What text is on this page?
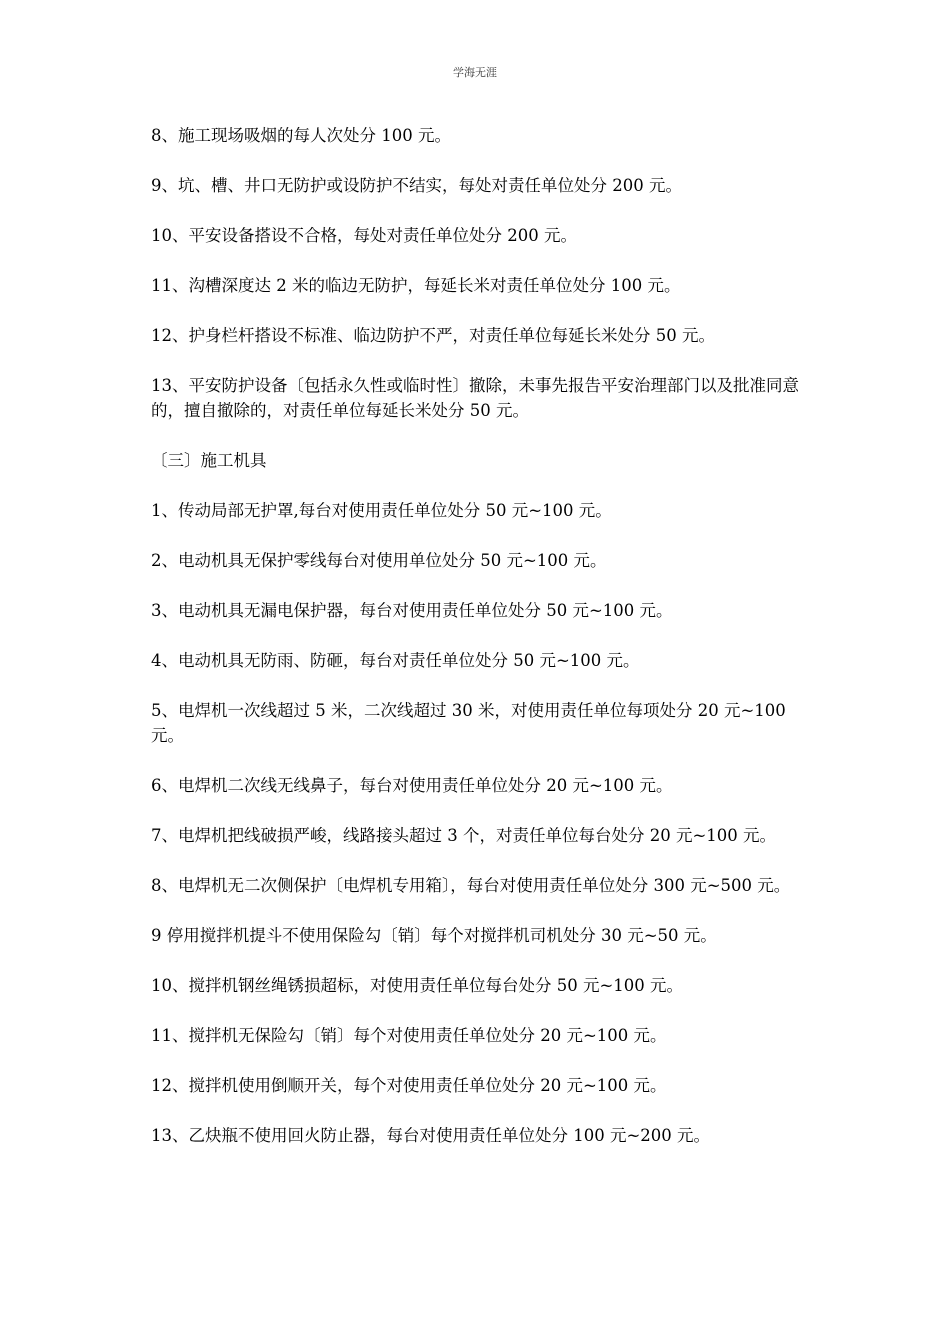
学海无涯

8、施工现场吸烟的每人次处分 100 元。

9、坑、槽、井口无防护或设防护不结实，每处对责任单位处分 200 元。

10、平安设备搭设不合格，每处对责任单位处分 200 元。

11、沟槽深度达 2 米的临边无防护，每延长米对责任单位处分 100 元。

12、护身栏杆搭设不标准、临边防护不严，对责任单位每延长米处分 50 元。

13、平安防护设备〔包括永久性或临时性〕撤除，未事先报告平安治理部门以及批准同意的，擅自撤除的，对责任单位每延长米处分 50 元。

〔三〕施工机具

1、传动局部无护罩,每台对使用责任单位处分 50 元~100 元。

2、电动机具无保护零线每台对使用单位处分 50 元~100 元。

3、电动机具无漏电保护器，每台对使用责任单位处分 50 元~100 元。

4、电动机具无防雨、防砸，每台对责任单位处分 50 元~100 元。

5、电焊机一次线超过 5 米，二次线超过 30 米，对使用责任单位每项处分 20 元~100 元。

6、电焊机二次线无线鼻子，每台对使用责任单位处分 20 元~100 元。

7、电焊机把线破损严峻，线路接头超过 3 个，对责任单位每台处分 20 元~100 元。

8、电焊机无二次侧保护〔电焊机专用箱〕，每台对使用责任单位处分 300 元~500 元。

9 停用搅拌机提斗不使用保险勾〔销〕每个对搅拌机司机处分 30 元~50 元。

10、搅拌机钢丝绳锈损超标，对使用责任单位每台处分 50 元~100 元。

11、搅拌机无保险勾〔销〕每个对使用责任单位处分 20 元~100 元。

12、搅拌机使用倒顺开关，每个对使用责任单位处分 20 元~100 元。

13、乙炔瓶不使用回火防止器，每台对使用责任单位处分 100 元~200 元。
